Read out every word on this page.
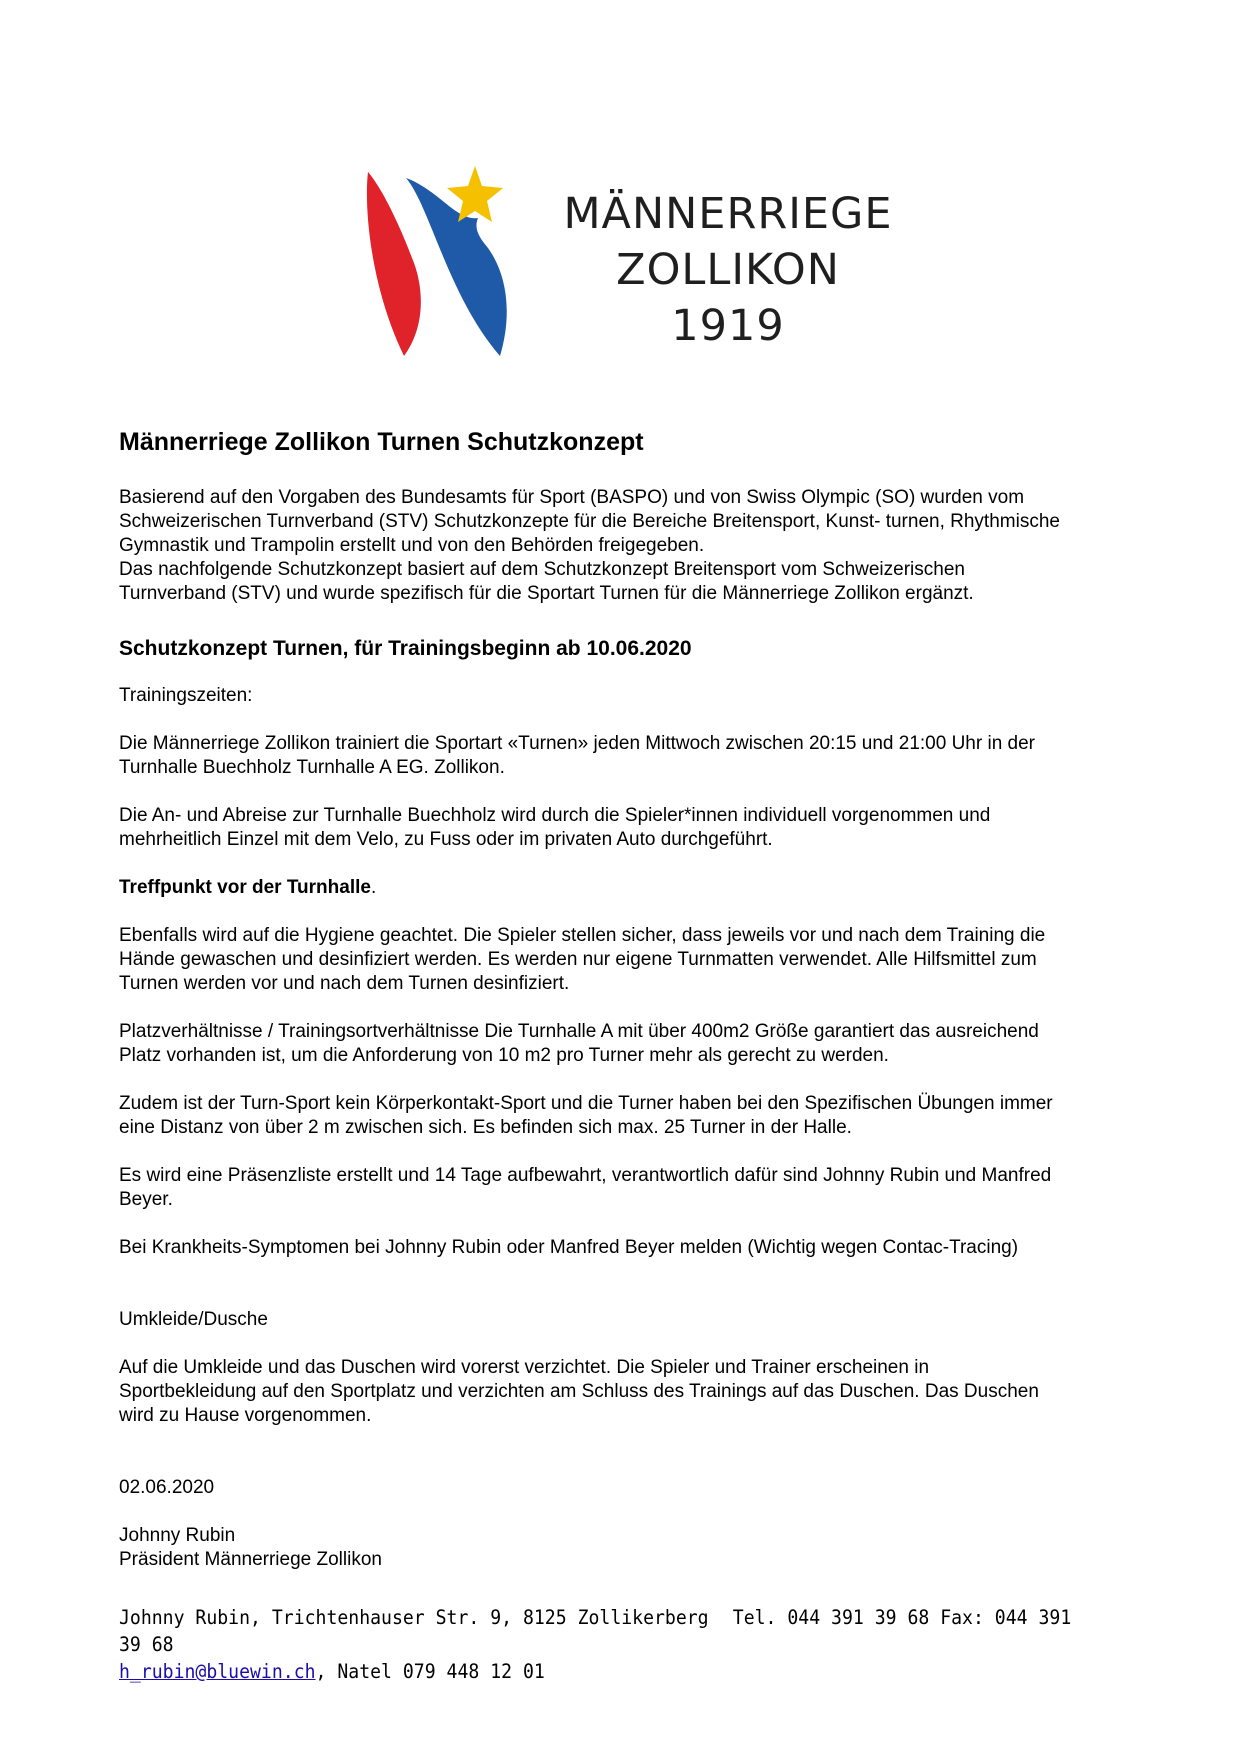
MÄNNERRIEGE
ZOLLIKON
1919
Männerriege Zollikon Turnen Schutzkonzept

Basierend auf den Vorgaben des Bundesamts für Sport (BASPO) und von Swiss Olympic (SO) wurden vom
Schweizerischen Turnverband (STV) Schutzkonzepte für die Bereiche Breitensport, Kunst- turnen, Rhythmische
Gymnastik und Trampolin erstellt und von den Behörden freigegeben.
Das nachfolgende Schutzkonzept basiert auf dem Schutzkonzept Breitensport vom Schweizerischen
Turnverband (STV) und wurde spezifisch für die Sportart Turnen für die Männerriege Zollikon ergänzt.

Schutzkonzept Turnen, für Trainingsbeginn ab 10.06.2020

Trainingszeiten:

Die Männerriege Zollikon trainiert die Sportart «Turnen» jeden Mittwoch zwischen 20:15 und 21:00 Uhr in der
Turnhalle Buechholz Turnhalle A EG. Zollikon.

Die An- und Abreise zur Turnhalle Buechholz wird durch die Spieler*innen individuell vorgenommen und
mehrheitlich Einzel mit dem Velo, zu Fuss oder im privaten Auto durchgeführt.

Treffpunkt vor der Turnhalle.

Ebenfalls wird auf die Hygiene geachtet. Die Spieler stellen sicher, dass jeweils vor und nach dem Training die
Hände gewaschen und desinfiziert werden. Es werden nur eigene Turnmatten verwendet. Alle Hilfsmittel zum
Turnen werden vor und nach dem Turnen desinfiziert.

Platzverhältnisse / Trainingsortverhältnisse Die Turnhalle A mit über 400m2 Größe garantiert das ausreichend
Platz vorhanden ist, um die Anforderung von 10 m2 pro Turner mehr als gerecht zu werden.

Zudem ist der Turn-Sport kein Körperkontakt-Sport und die Turner haben bei den Spezifischen Übungen immer
eine Distanz von über 2 m zwischen sich. Es befinden sich max. 25 Turner in der Halle.

Es wird eine Präsenzliste erstellt und 14 Tage aufbewahrt, verantwortlich dafür sind Johnny Rubin und Manfred
Beyer.

Bei Krankheits-Symptomen bei Johnny Rubin oder Manfred Beyer melden (Wichtig wegen Contac-Tracing)

Umkleide/Dusche

Auf die Umkleide und das Duschen wird vorerst verzichtet. Die Spieler und Trainer erscheinen in
Sportbekleidung auf den Sportplatz und verzichten am Schluss des Trainings auf das Duschen. Das Duschen
wird zu Hause vorgenommen.

02.06.2020

Johnny Rubin
Präsident Männerriege Zollikon

Johnny Rubin, Trichtenhauser Str. 9, 8125 Zollikerberg Tel. 044 391 39 68 Fax: 044 391 39 68
h_rubin@bluewin.ch, Natel 079 448 12 01
